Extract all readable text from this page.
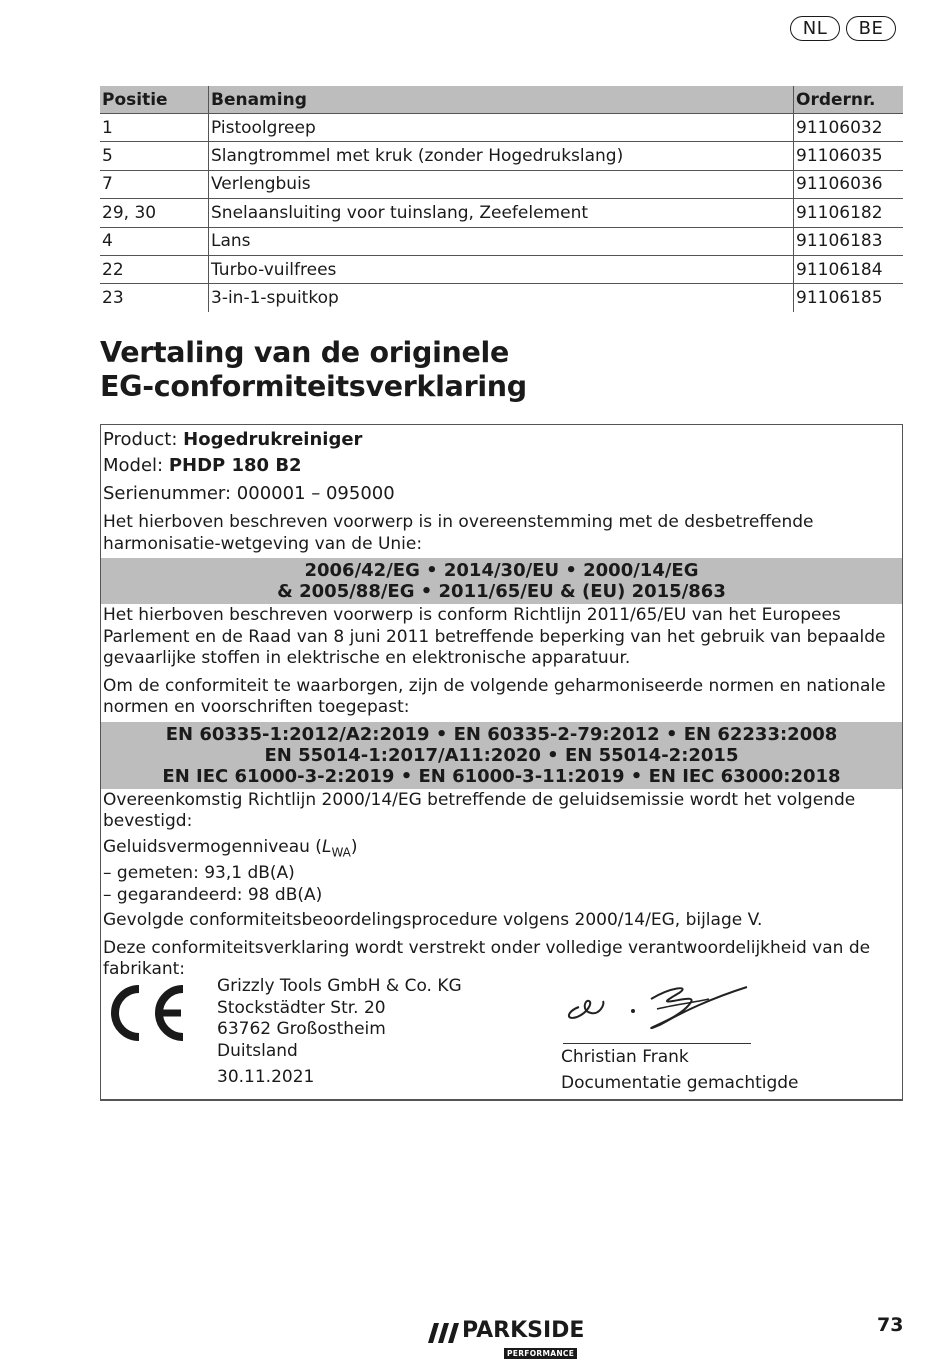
NL	BE
Positie	Benaming	Ordernr.
1	Pistoolgreep	91106032
5	Slangtrommel met kruk (zonder Hogedrukslang)	91106035
7	Verlengbuis	91106036
29, 30	Snelaansluiting voor tuinslang, Zeefelement	91106182
4	Lans	91106183
22	Turbo-vuilfrees	91106184
23	3-in-1-spuitkop	91106185
Vertaling van de originele
EG-conformiteitsverklaring
Product: Hogedrukreiniger
Model: PHDP 180 B2
Serienummer: 000001 – 095000
Het hierboven beschreven voorwerp is in overeenstemming met de desbetreffende harmonisatie-wetgeving van de Unie:
2006/42/EG • 2014/30/EU • 2000/14/EG
& 2005/88/EG • 2011/65/EU & (EU) 2015/863
Het hierboven beschreven voorwerp is conform Richtlijn 2011/65/EU van het Europees Parlement en de Raad van 8 juni 2011 betreffende beperking van het gebruik van bepaalde gevaarlijke stoffen in elektrische en elektronische apparatuur.
Om de conformiteit te waarborgen, zijn de volgende geharmoniseerde normen en nationale normen en voorschriften toegepast:
EN 60335-1:2012/A2:2019 • EN 60335-2-79:2012 • EN 62233:2008
EN 55014-1:2017/A11:2020 • EN 55014-2:2015
EN IEC 61000-3-2:2019 • EN 61000-3-11:2019 • EN IEC 63000:2018
Overeenkomstig Richtlijn 2000/14/EG betreffende de geluidsemissie wordt het volgende bevestigd:
Geluidsvermogenniveau $(L_{WA})$
– gemeten: 93,1 dB(A)
– gegarandeerd: 98 dB(A)
Gevolgde conformiteitsbeoordelingsprocedure volgens 2000/14/EG, bijlage V.
Deze conformiteitsverklaring wordt verstrekt onder volledige verantwoordelijkheid van de fabrikant:
Grizzly Tools GmbH & Co. KG
Stockstädter Str. 20
63762 Großostheim
Duitsland
30.11.2021
Christian Frank
Documentatie gemachtigde
PARKSIDE
PERFORMANCE
73
